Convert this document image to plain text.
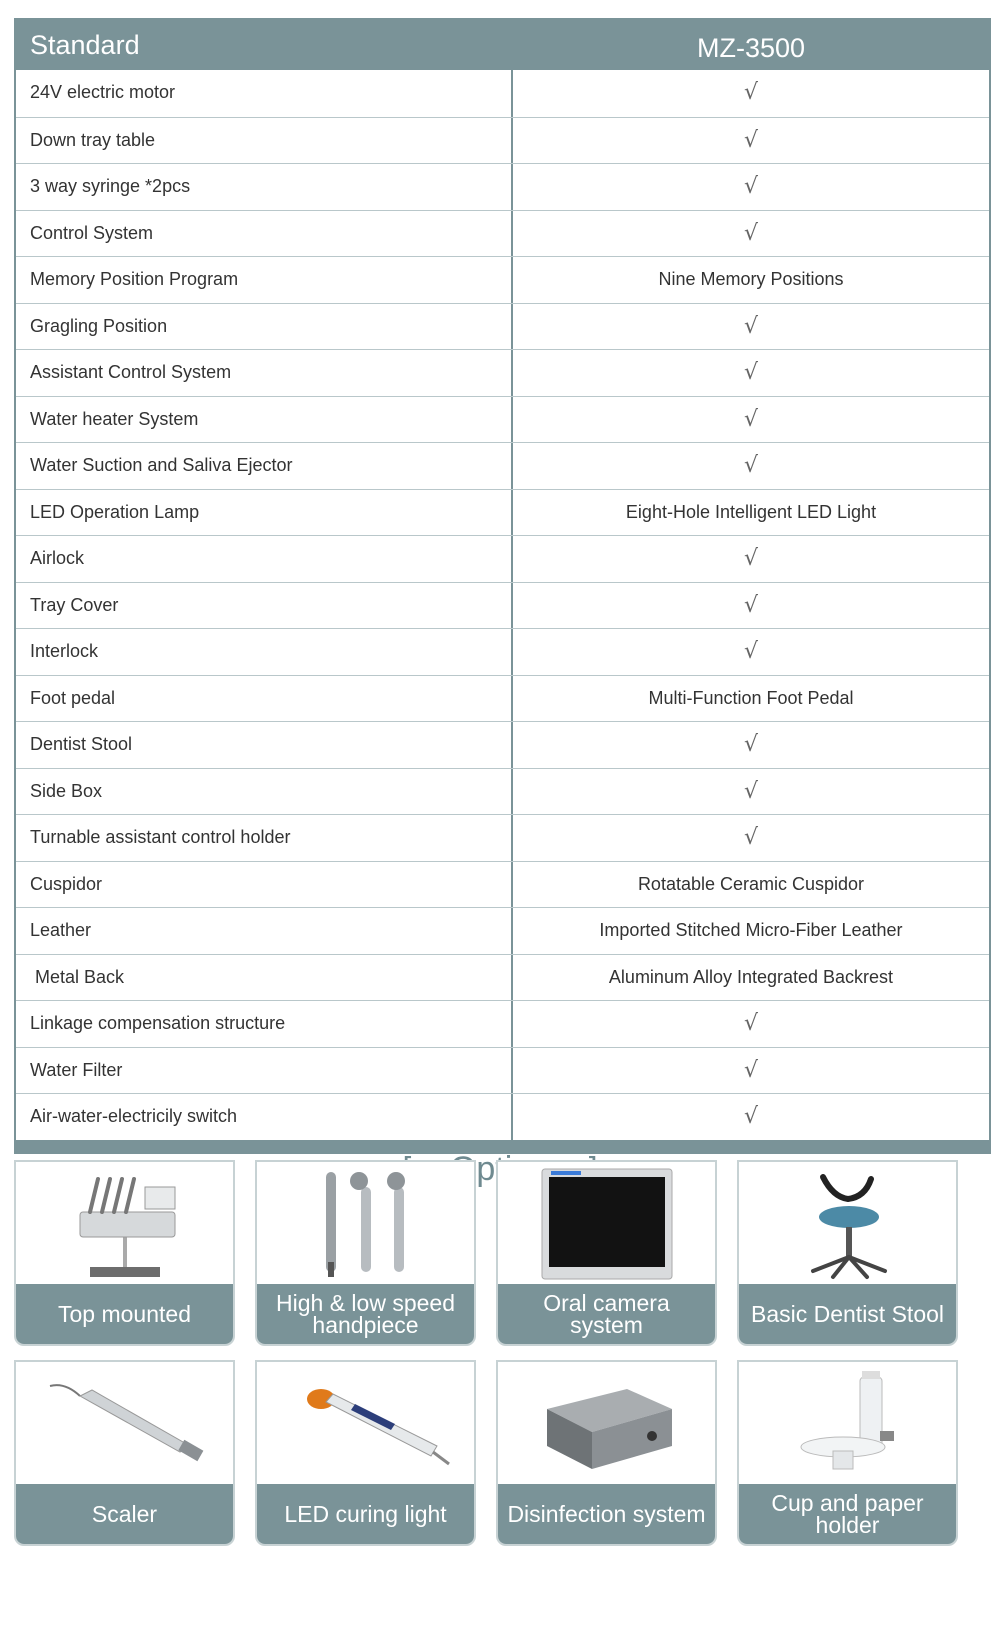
Standard	MZ-3500
24V electric motor	√
Down tray table	√
3 way syringe *2pcs	√
Control System	√
Memory Position Program	Nine Memory Positions
Gragling Position	√
Assistant Control System	√
Water heater System	√
Water Suction and Saliva Ejector	√
LED Operation Lamp	Eight-Hole Intelligent LED Light
Airlock	√
Tray Cover	√
Interlock	√
Foot pedal	Multi-Function Foot Pedal
Dentist Stool	√
Side Box	√
Turnable assistant control holder	√
Cuspidor	Rotatable Ceramic Cuspidor
Leather	Imported Stitched Micro-Fiber Leather
Metal Back	Aluminum Alloy Integrated Backrest
Linkage compensation structure	√
Water Filter	√
Air-water-electricily switch	√
Top mounted	High & low speed handpiece
Oral camera system	Basic Dentist Stool
Scaler	LED curing light	Disinfection system	Cup and paper holder
